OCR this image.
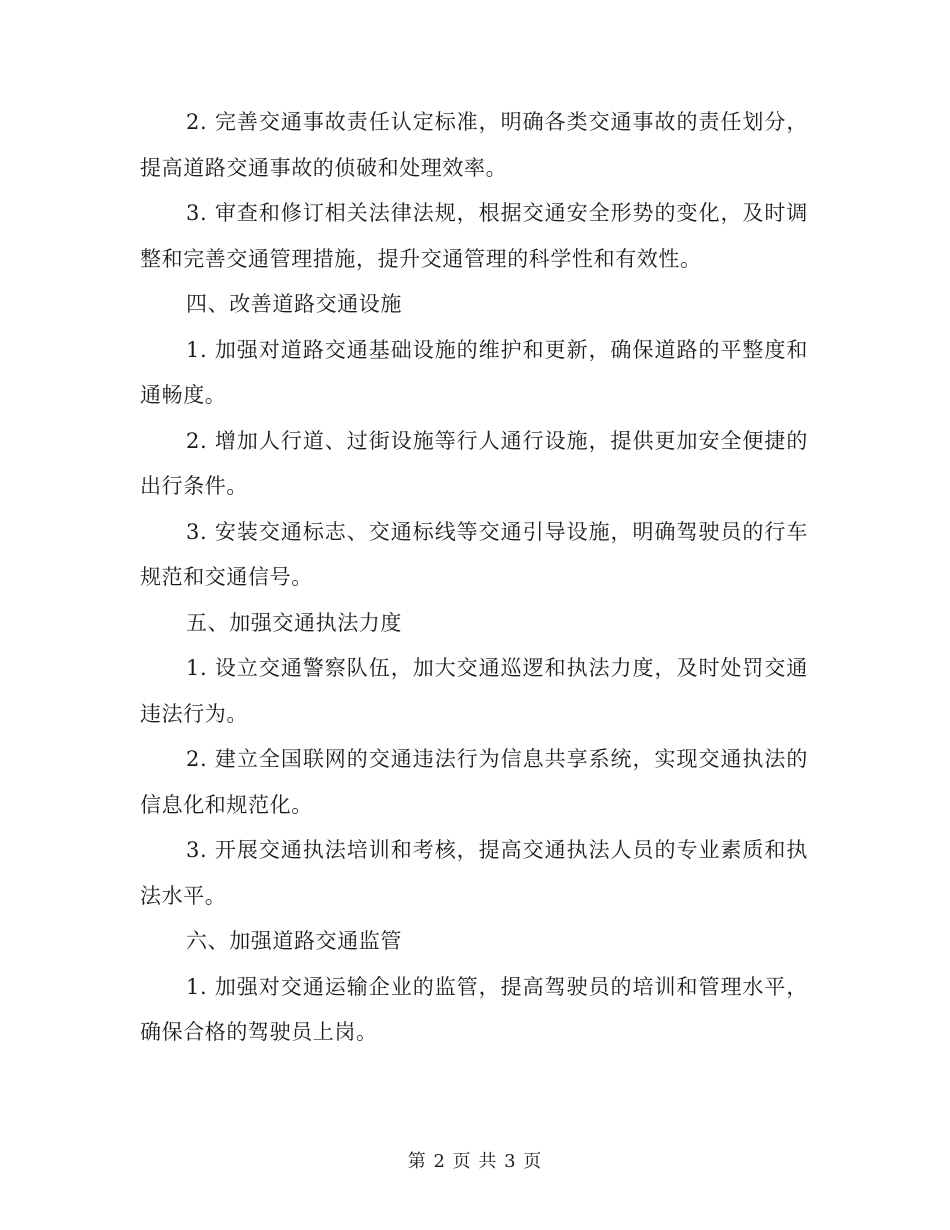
2. 完善交通事故责任认定标准，明确各类交通事故的责任划分，提高道路交通事故的侦破和处理效率。

3. 审查和修订相关法律法规，根据交通安全形势的变化，及时调整和完善交通管理措施，提升交通管理的科学性和有效性。

四、改善道路交通设施

1. 加强对道路交通基础设施的维护和更新，确保道路的平整度和通畅度。

2. 增加人行道、过街设施等行人通行设施，提供更加安全便捷的出行条件。

3. 安装交通标志、交通标线等交通引导设施，明确驾驶员的行车规范和交通信号。

五、加强交通执法力度

1. 设立交通警察队伍，加大交通巡逻和执法力度，及时处罚交通违法行为。

2. 建立全国联网的交通违法行为信息共享系统，实现交通执法的信息化和规范化。

3. 开展交通执法培训和考核，提高交通执法人员的专业素质和执法水平。

六、加强道路交通监管

1. 加强对交通运输企业的监管，提高驾驶员的培训和管理水平，确保合格的驾驶员上岗。

第 2 页 共 3 页
